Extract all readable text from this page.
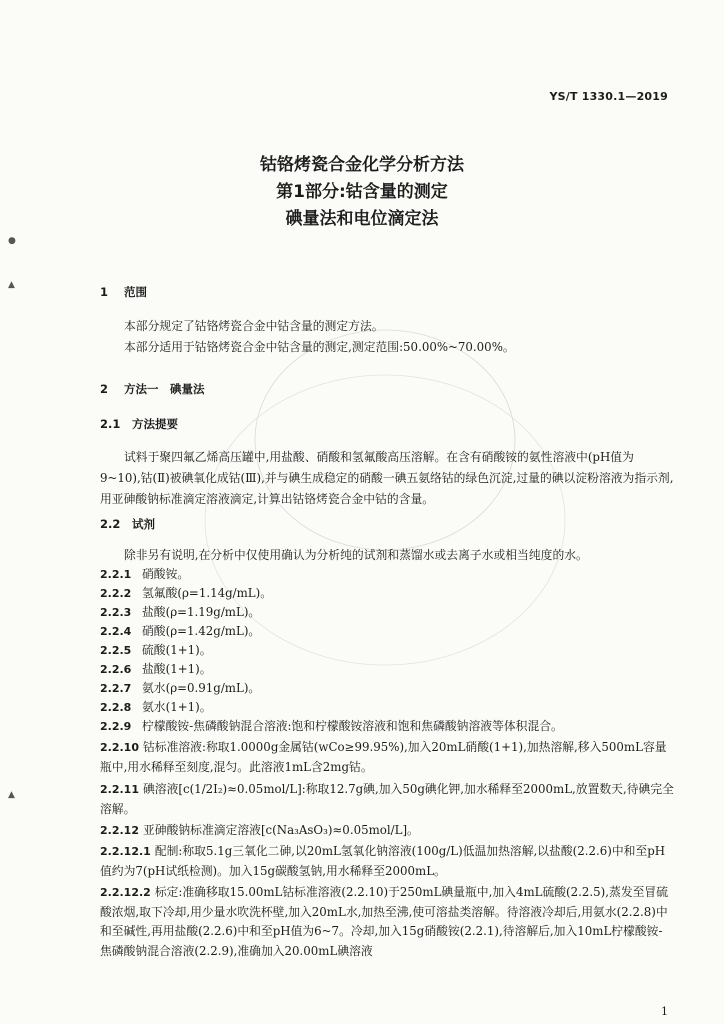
●
▲
▲
YS/T 1330.1—2019
钴铬烤瓷合金化学分析方法
第1部分:钴含量的测定
碘量法和电位滴定法
1 范围
本部分规定了钴铬烤瓷合金中钴含量的测定方法。
本部分适用于钴铬烤瓷合金中钴含量的测定,测定范围:50.00%~70.00%。
2 方法一　碘量法
2.1 方法提要
试料于聚四氟乙烯高压罐中,用盐酸、硝酸和氢氟酸高压溶解。在含有硝酸铵的氨性溶液中(pH值为9~10),钴(Ⅱ)被碘氧化成钴(Ⅲ),并与碘生成稳定的硝酸一碘五氨络钴的绿色沉淀,过量的碘以淀粉溶液为指示剂,用亚砷酸钠标准滴定溶液滴定,计算出钴铬烤瓷合金中钴的含量。
2.2 试剂
除非另有说明,在分析中仅使用确认为分析纯的试剂和蒸馏水或去离子水或相当纯度的水。
2.2.1 硝酸铵。
2.2.2 氢氟酸(ρ=1.14g/mL)。
2.2.3 盐酸(ρ=1.19g/mL)。
2.2.4 硝酸(ρ=1.42g/mL)。
2.2.5 硫酸(1+1)。
2.2.6 盐酸(1+1)。
2.2.7 氨水(ρ=0.91g/mL)。
2.2.8 氨水(1+1)。
2.2.9 柠檬酸铵-焦磷酸钠混合溶液:饱和柠檬酸铵溶液和饱和焦磷酸钠溶液等体积混合。
2.2.10 钴标准溶液:称取1.0000g金属钴(wCo≥99.95%),加入20mL硝酸(1+1),加热溶解,移入500mL容量瓶中,用水稀释至刻度,混匀。此溶液1mL含2mg钴。
2.2.11 碘溶液[c(1/2I₂)≈0.05mol/L]:称取12.7g碘,加入50g碘化钾,加水稀释至2000mL,放置数天,待碘完全溶解。
2.2.12 亚砷酸钠标准滴定溶液[c(Na₃AsO₃)≈0.05mol/L]。
2.2.12.1 配制:称取5.1g三氧化二砷,以20mL氢氧化钠溶液(100g/L)低温加热溶解,以盐酸(2.2.6)中和至pH值约为7(pH试纸检测)。加入15g碳酸氢钠,用水稀释至2000mL。
2.2.12.2 标定:准确移取15.00mL钴标准溶液(2.2.10)于250mL碘量瓶中,加入4mL硫酸(2.2.5),蒸发至冒硫酸浓烟,取下冷却,用少量水吹洗杯壁,加入20mL水,加热至沸,使可溶盐类溶解。待溶液冷却后,用氨水(2.2.8)中和至碱性,再用盐酸(2.2.6)中和至pH值为6~7。冷却,加入15g硝酸铵(2.2.1),待溶解后,加入10mL柠檬酸铵-焦磷酸钠混合溶液(2.2.9),准确加入20.00mL碘溶液
1
